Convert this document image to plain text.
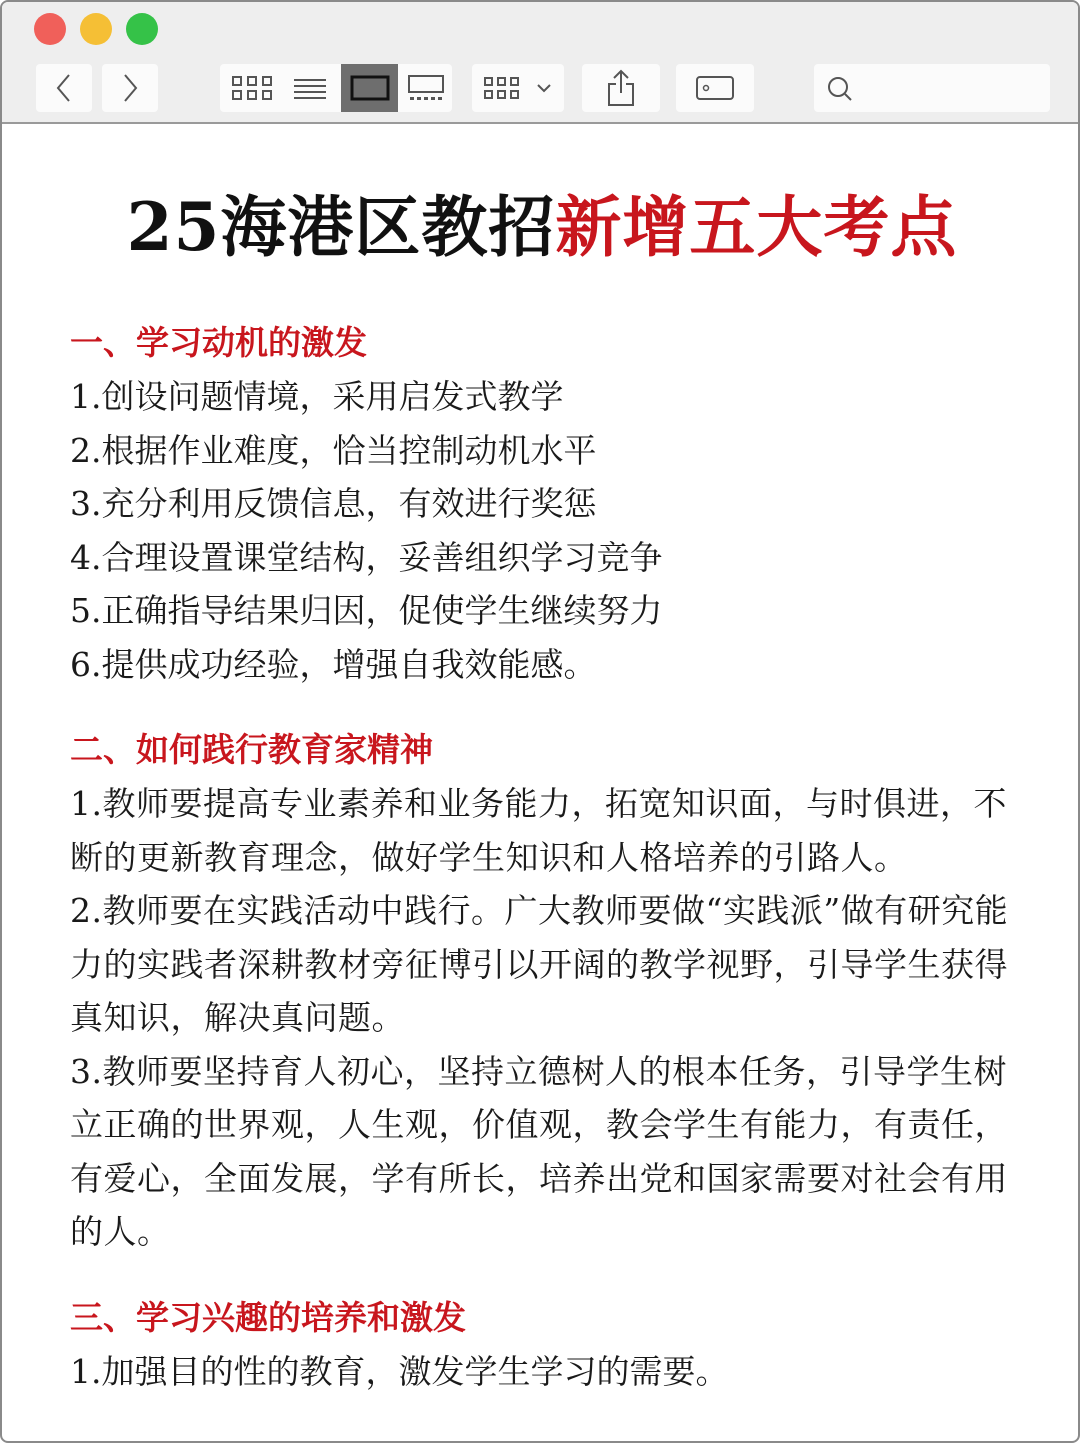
25海港区教招新增五大考点

一、学习动机的激发

1.创设问题情境，采用启发式教学

2.根据作业难度，恰当控制动机水平

3.充分利用反馈信息，有效进行奖惩

4.合理设置课堂结构，妥善组织学习竞争

5.正确指导结果归因，促使学生继续努力

6.提供成功经验，增强自我效能感。

二、如何践行教育家精神

1.教师要提高专业素养和业务能力，拓宽知识面，与时俱进，不断的更新教育理念，做好学生知识和人格培养的引路人。

2.教师要在实践活动中践行。广大教师要做“实践派”做有研究能力的实践者深耕教材旁征博引以开阔的教学视野，引导学生获得真知识，解决真问题。

3.教师要坚持育人初心，坚持立德树人的根本任务，引导学生树立正确的世界观，人生观，价值观，教会学生有能力，有责任，有爱心，全面发展，学有所长，培养出党和国家需要对社会有用的人。

三、学习兴趣的培养和激发

1.加强目的性的教育，激发学生学习的需要。
